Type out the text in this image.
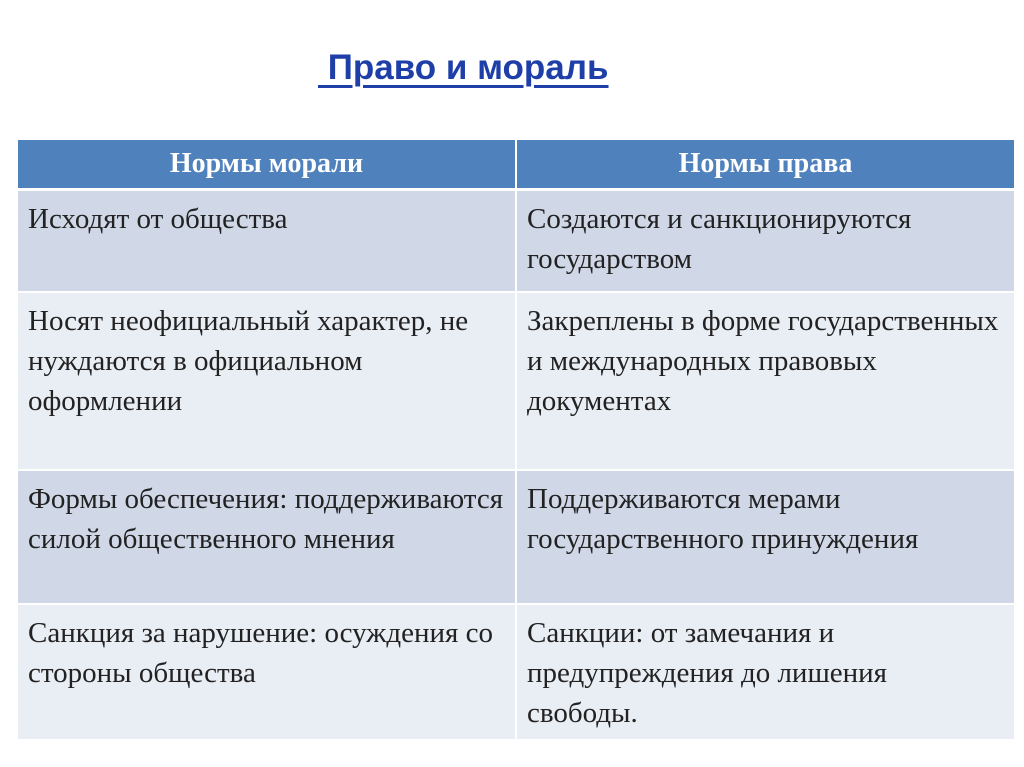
Право и мораль
Нормы морали	Нормы права
Исходят от общества	Создаются и санкционируются государством
Носят неофициальный характер, не нуждаются в официальном оформлении	Закреплены в форме государственных и международных правовых документах
Формы обеспечения: поддерживаются силой общественного мнения	Поддерживаются мерами государственного принуждения
Санкция за нарушение: осуждения со стороны общества	Санкции: от замечания и предупреждения до лишения свободы.
